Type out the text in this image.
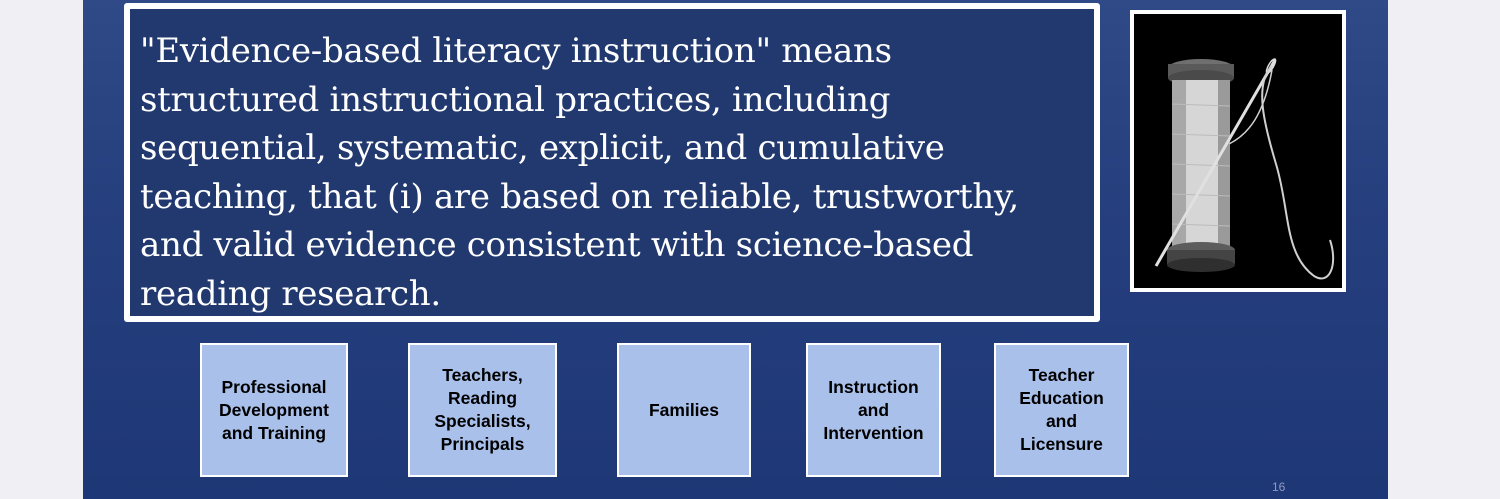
"Evidence-based literacy instruction" means
structured instructional practices, including
sequential, systematic, explicit, and cumulative
teaching, that (i) are based on reliable, trustworthy,
and valid evidence consistent with science-based
reading research.

Professional
Development
and Training
Teachers,
Reading
Specialists,
Principals
Families
Instruction
and
Intervention
Teacher
Education
and
Licensure
16
